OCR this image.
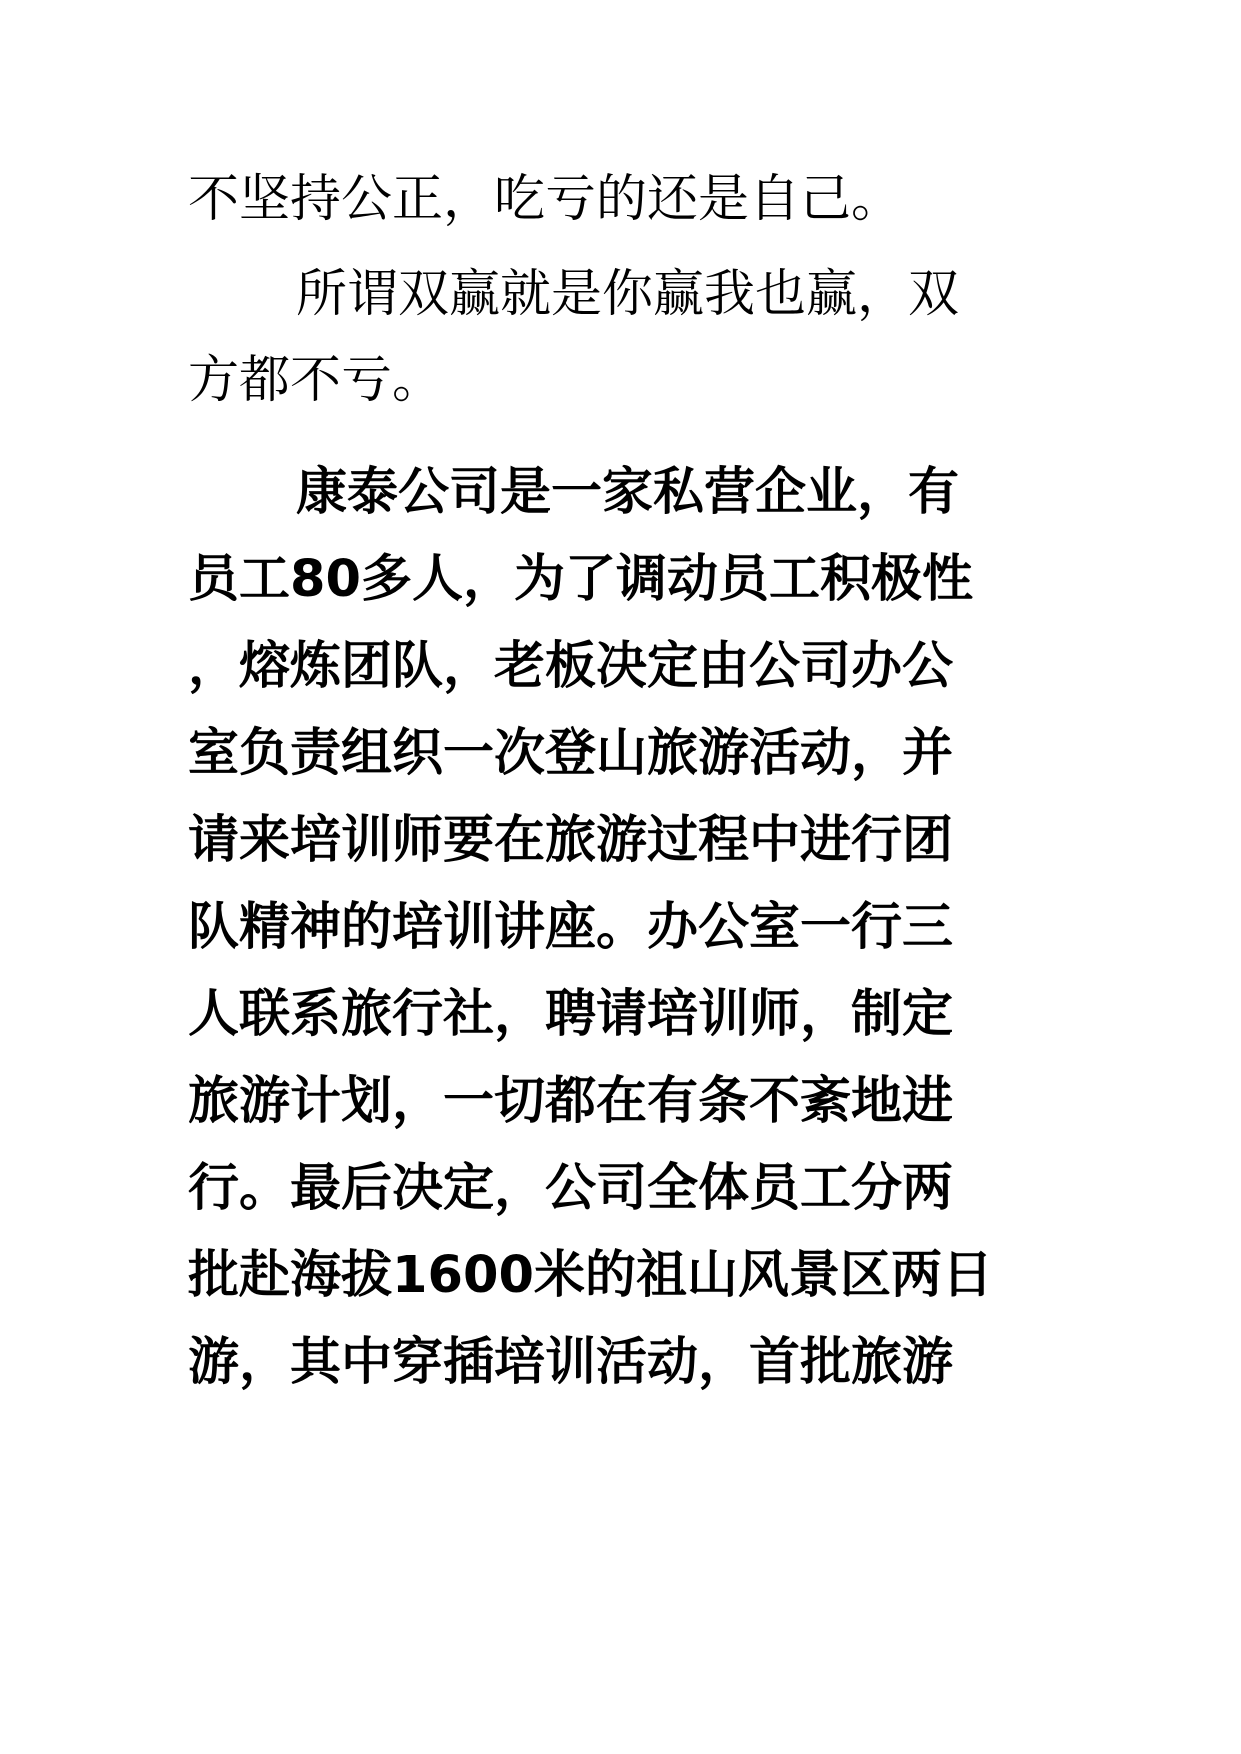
不坚持公正，吃亏的还是自己。
所谓双赢就是你赢我也赢，双
方都不亏。
康泰公司是一家私营企业，有
员工80多人，为了调动员工积极性
，熔炼团队，老板决定由公司办公
室负责组织一次登山旅游活动，并
请来培训师要在旅游过程中进行团
队精神的培训讲座。办公室一行三
人联系旅行社，聘请培训师，制定
旅游计划，一切都在有条不紊地进
行。最后决定，公司全体员工分两
批赴海拔1600米的祖山风景区两日
游，其中穿插培训活动，首批旅游
